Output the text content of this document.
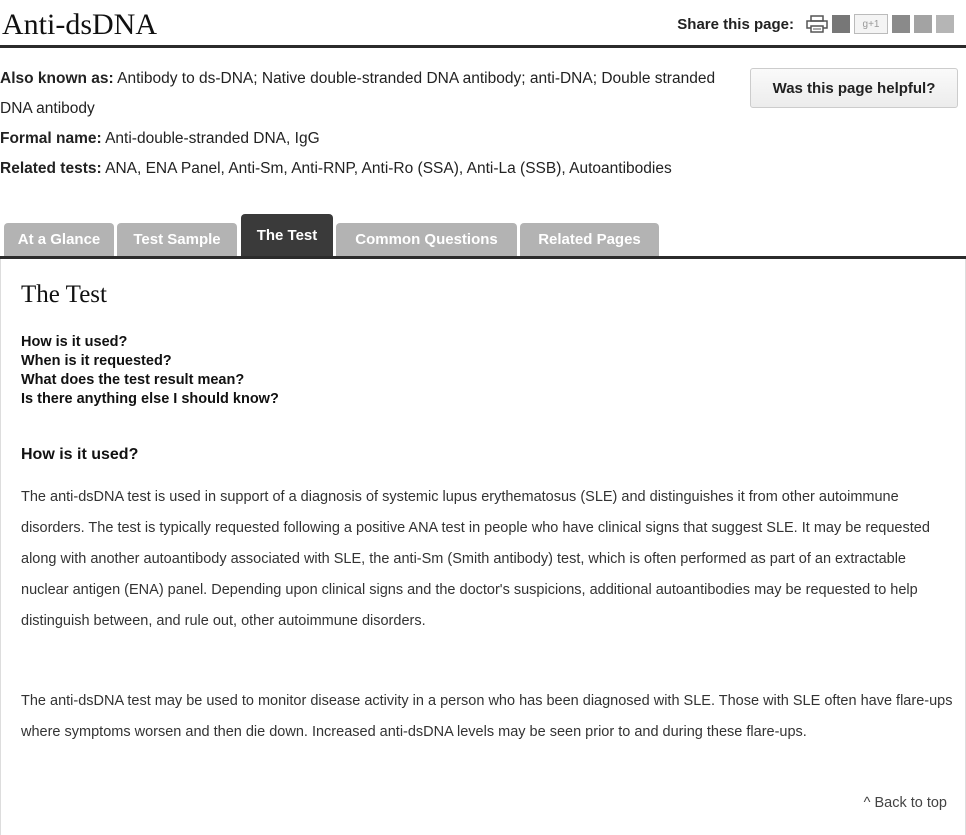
Anti-dsDNA	Share this page:	g+1
Also known as: Antibody to ds-DNA; Native double-stranded DNA antibody; anti-DNA; Double stranded DNA antibody
Formal name: Anti-double-stranded DNA, IgG
Related tests: ANA, ENA Panel, Anti-Sm, Anti-RNP, Anti-Ro (SSA), Anti-La (SSB), Autoantibodies
Was this page helpful?
At a Glance	Test Sample	The Test	Common Questions	Related Pages
The Test
How is it used?
When is it requested?
What does the test result mean?
Is there anything else I should know?
How is it used?

The anti-dsDNA test is used in support of a diagnosis of systemic lupus erythematosus (SLE) and distinguishes it from other autoimmune disorders. The test is typically requested following a positive ANA test in people who have clinical signs that suggest SLE. It may be requested along with another autoantibody associated with SLE, the anti-Sm (Smith antibody) test, which is often performed as part of an extractable nuclear antigen (ENA) panel. Depending upon clinical signs and the doctor's suspicions, additional autoantibodies may be requested to help distinguish between, and rule out, other autoimmune disorders.

The anti-dsDNA test may be used to monitor disease activity in a person who has been diagnosed with SLE. Those with SLE often have flare-ups where symptoms worsen and then die down. Increased anti-dsDNA levels may be seen prior to and during these flare-ups.

^ Back to top
